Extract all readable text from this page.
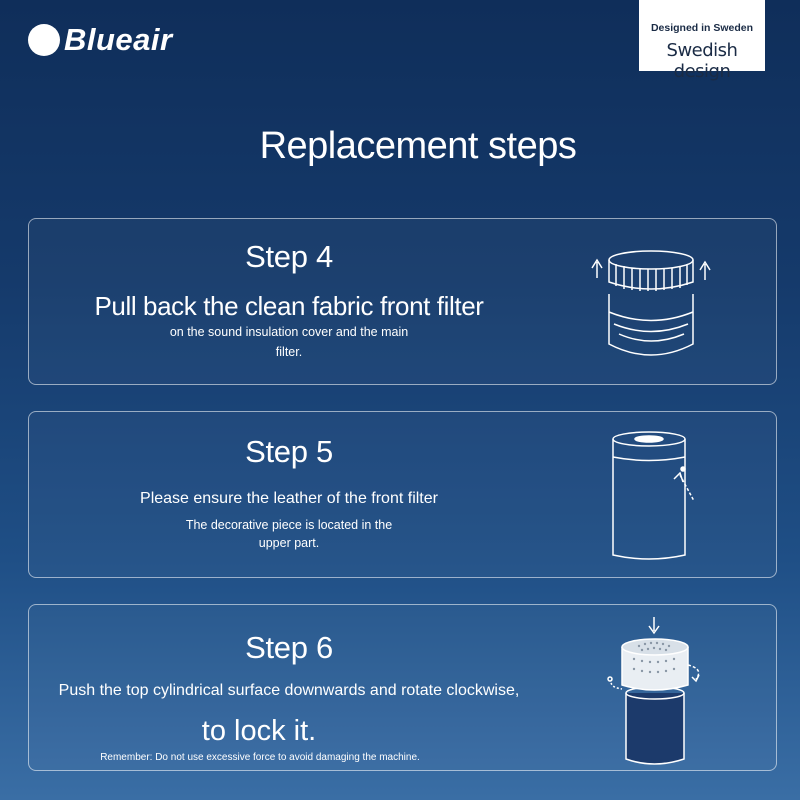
Blueair	Designed in Sweden
Swedish design
Replacement steps
Step 4
Pull back the clean fabric front filter
on the sound insulation cover and the main
filter.
Step 5
Please ensure the leather of the front filter
The decorative piece is located in the
upper part.
Step 6
Push the top cylindrical surface downwards and rotate clockwise,
to lock it.
Remember: Do not use excessive force to avoid damaging the machine.
